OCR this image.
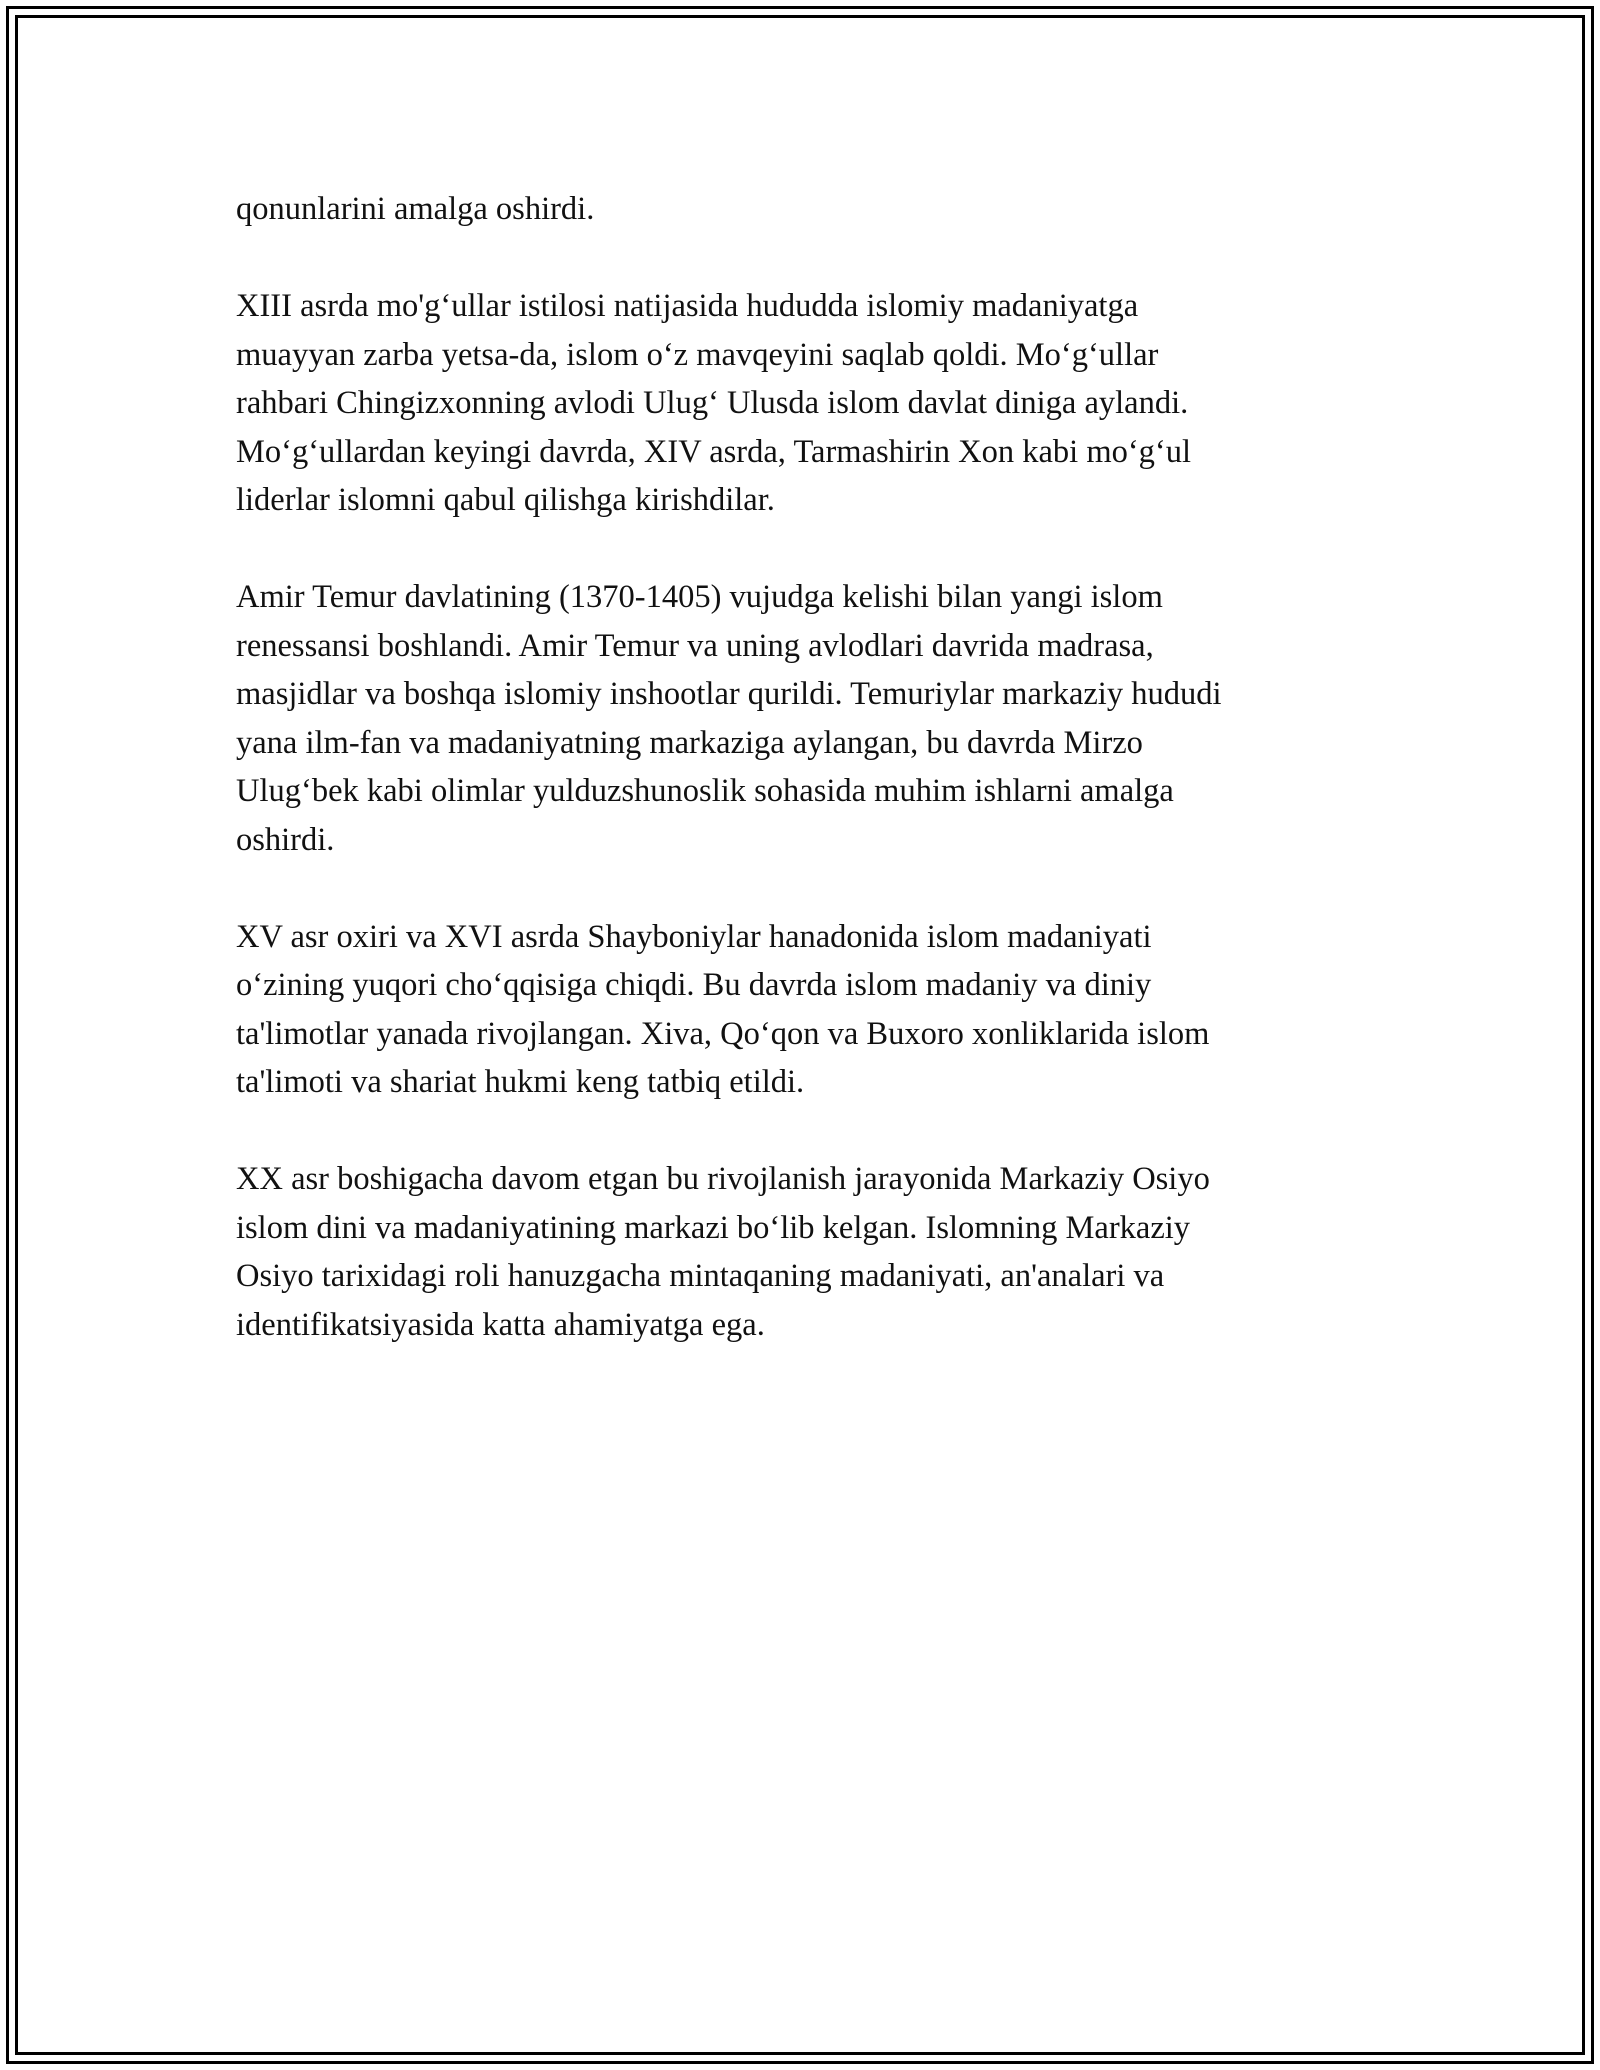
qonunlarini amalga oshirdi.

XIII asrda mo'g‘ullar istilosi natijasida hududda islomiy madaniyatga
muayyan zarba yetsa-da, islom o‘z mavqeyini saqlab qoldi. Mo‘g‘ullar
rahbari Chingizxonning avlodi Ulug‘ Ulusda islom davlat diniga aylandi.
Mo‘g‘ullardan keyingi davrda, XIV asrda, Tarmashirin Xon kabi mo‘g‘ul
liderlar islomni qabul qilishga kirishdilar.

Amir Temur davlatining (1370-1405) vujudga kelishi bilan yangi islom
renessansi boshlandi. Amir Temur va uning avlodlari davrida madrasa,
masjidlar va boshqa islomiy inshootlar qurildi. Temuriylar markaziy hududi
yana ilm-fan va madaniyatning markaziga aylangan, bu davrda Mirzo
Ulug‘bek kabi olimlar yulduzshunoslik sohasida muhim ishlarni amalga
oshirdi.

XV asr oxiri va XVI asrda Shayboniylar hanadonida islom madaniyati
o‘zining yuqori cho‘qqisiga chiqdi. Bu davrda islom madaniy va diniy
ta'limotlar yanada rivojlangan. Xiva, Qo‘qon va Buxoro xonliklarida islom
ta'limoti va shariat hukmi keng tatbiq etildi.

XX asr boshigacha davom etgan bu rivojlanish jarayonida Markaziy Osiyo
islom dini va madaniyatining markazi bo‘lib kelgan. Islomning Markaziy
Osiyo tarixidagi roli hanuzgacha mintaqaning madaniyati, an'analari va
identifikatsiyasida katta ahamiyatga ega.
